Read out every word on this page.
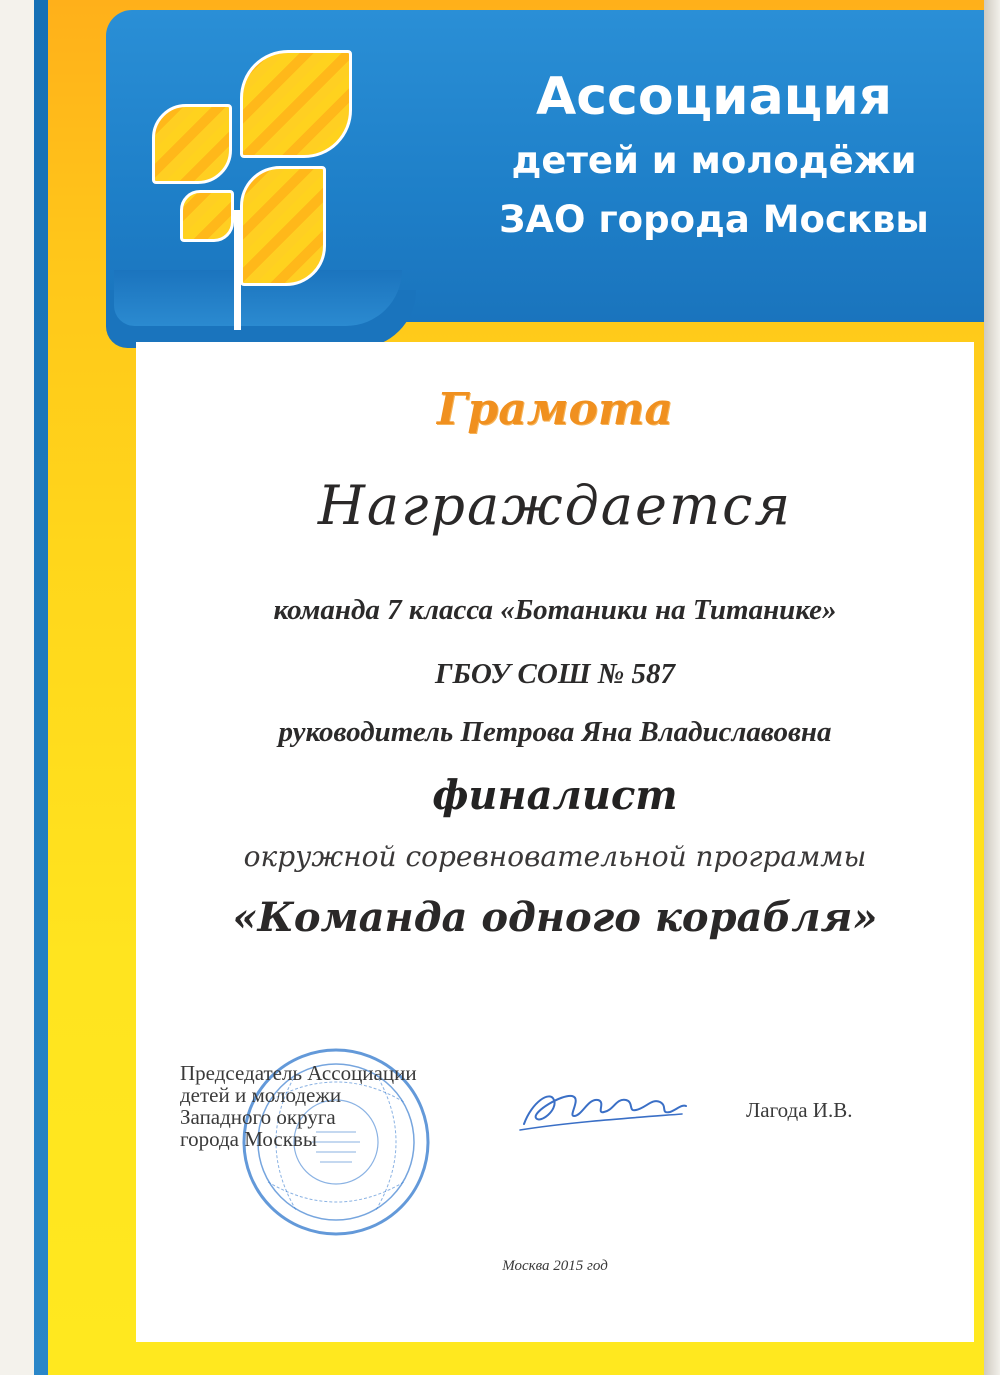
Ассоциация
детей и молодёжи
ЗАО города Москвы
Грамота
Награждается
команда 7 класса «Ботаники на Титанике»
ГБОУ СОШ № 587
руководитель Петрова Яна Владиславовна
финалист
окружной соревновательной программы
«Команда одного корабля»
Председатель Ассоциации
детей и молодежи
Западного округа
города Москвы
Лагода И.В.
Москва 2015 год
